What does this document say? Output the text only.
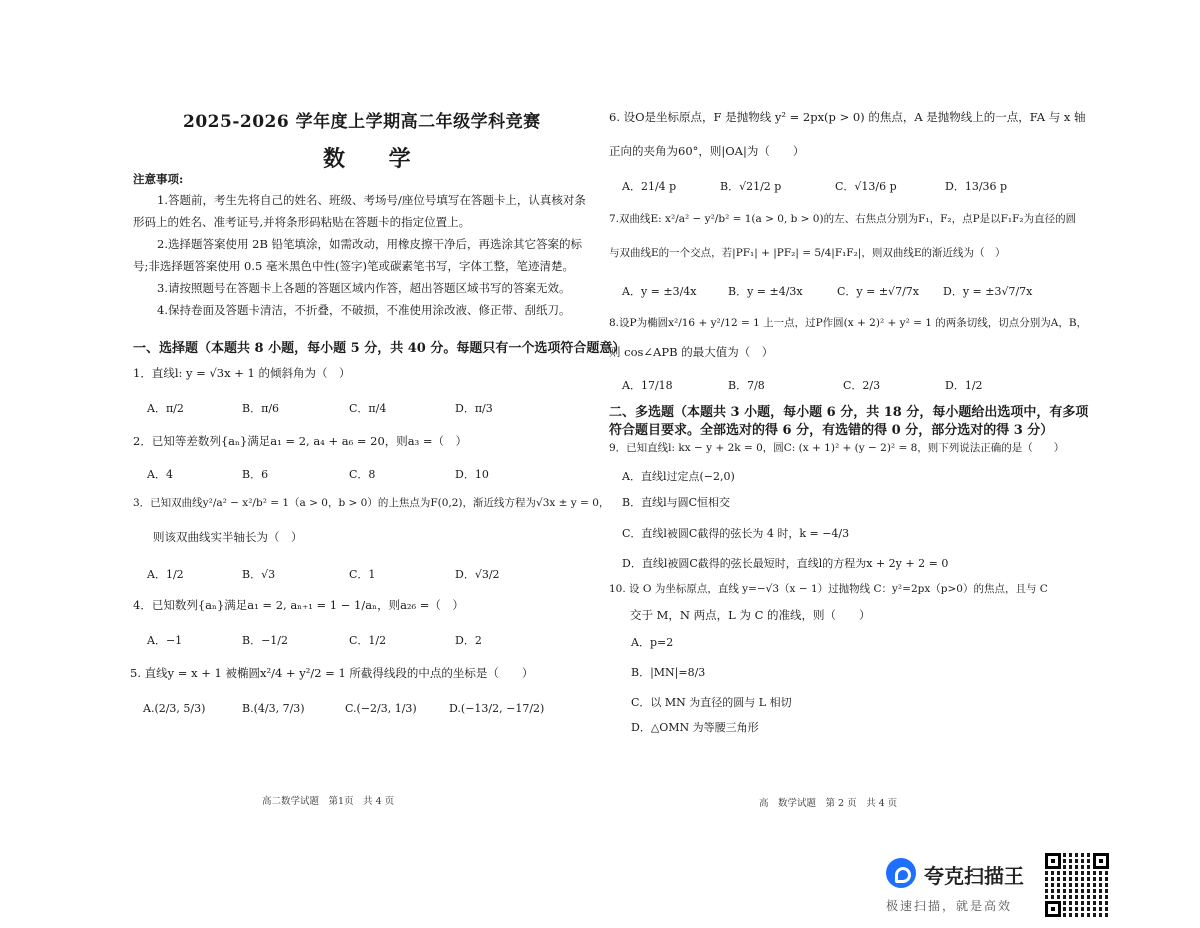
2025-2026 学年度上学期高二年级学科竞赛
数 学
注意事项:
1.答题前，考生先将自己的姓名、班级、考场号/座位号填写在答题卡上，认真核对条
形码上的姓名、准考证号,并将条形码粘贴在答题卡的指定位置上。
2.选择题答案使用 2B 铅笔填涂，如需改动，用橡皮擦干净后，再选涂其它答案的标
号;非选择题答案使用 0.5 毫米黑色中性(签字)笔或碳素笔书写，字体工整，笔迹清楚。
3.请按照题号在答题卡上各题的答题区域内作答，超出答题区域书写的答案无效。
4.保持卷面及答题卡清洁，不折叠，不破损，不准使用涂改液、修正带、刮纸刀。
一、选择题（本题共 8 小题，每小题 5 分，共 40 分。每题只有一个选项符合题意）
1．直线l: y = √3x + 1 的倾斜角为（　）
A．π/2	B．π/6	C．π/4	D．π/3
2．已知等差数列{aₙ}满足a₁ = 2, a₄ + a₆ = 20，则a₃ =（　）
A．4	B．6	C．8	D．10
3．已知双曲线y²/a² − x²/b² = 1（a > 0，b > 0）的上焦点为F(0,2)，渐近线方程为√3x ± y = 0，
则该双曲线实半轴长为（　）
A．1/2	B．√3	C．1	D．√3/2
4．已知数列{aₙ}满足a₁ = 2, aₙ₊₁ = 1 − 1/aₙ，则a₂₆ =（　）
A．−1	B．−1/2	C．1/2	D．2
5. 直线y = x + 1 被椭圆x²/4 + y²/2 = 1 所截得线段的中点的坐标是（　　）
A.(2/3, 5/3)	B.(4/3, 7/3)	C.(−2/3, 1/3)	D.(−13/2, −17/2)
高二数学试题　第1页　共 4 页
6. 设O是坐标原点，F 是抛物线 y² = 2px(p > 0) 的焦点，A 是抛物线上的一点，FA 与 x 轴
正向的夹角为60°，则|OA|为（　　）
A．21/4 p	B．√21/2 p	C．√13/6 p	D．13/36 p
7.双曲线E: x²/a² − y²/b² = 1(a > 0, b > 0)的左、右焦点分别为F₁，F₂，点P是以F₁F₂为直径的圆
与双曲线E的一个交点，若|PF₁| + |PF₂| = 5/4|F₁F₂|，则双曲线E的渐近线为（　）
A．y = ±3/4x	B．y = ±4/3x	C．y = ±√7/7x D．y = ±3√7/7x
8.设P为椭圆x²/16 + y²/12 = 1 上一点，过P作圆(x + 2)² + y² = 1 的两条切线，切点分别为A，B，
则 cos∠APB 的最大值为（　）
A．17/18	B．7/8	C．2/3	D．1/2
二、多选题（本题共 3 小题，每小题 6 分，共 18 分，每小题给出选项中，有多项
符合题目要求。全部选对的得 6 分，有选错的得 0 分，部分选对的得 3 分）
9．已知直线l: kx − y + 2k = 0，圆C: (x + 1)² + (y − 2)² = 8，则下列说法正确的是（　　）
A．直线l过定点(−2,0)
B．直线l与圆C恒相交
C．直线l被圆C截得的弦长为 4 时，k = −4/3
D．直线l被圆C截得的弦长最短时，直线l的方程为x + 2y + 2 = 0
10. 设 O 为坐标原点，直线 y=−√3（x − 1）过抛物线 C：y²=2px（p>0）的焦点，且与 C
交于 M，N 两点，L 为 C 的准线，则（　　）
A．p=2
B．|MN|=8/3
C．以 MN 为直径的圆与 L 相切
D．△OMN 为等腰三角形
高　数学试题　第 2 页　共 4 页
夸克扫描王
极速扫描，就是高效
